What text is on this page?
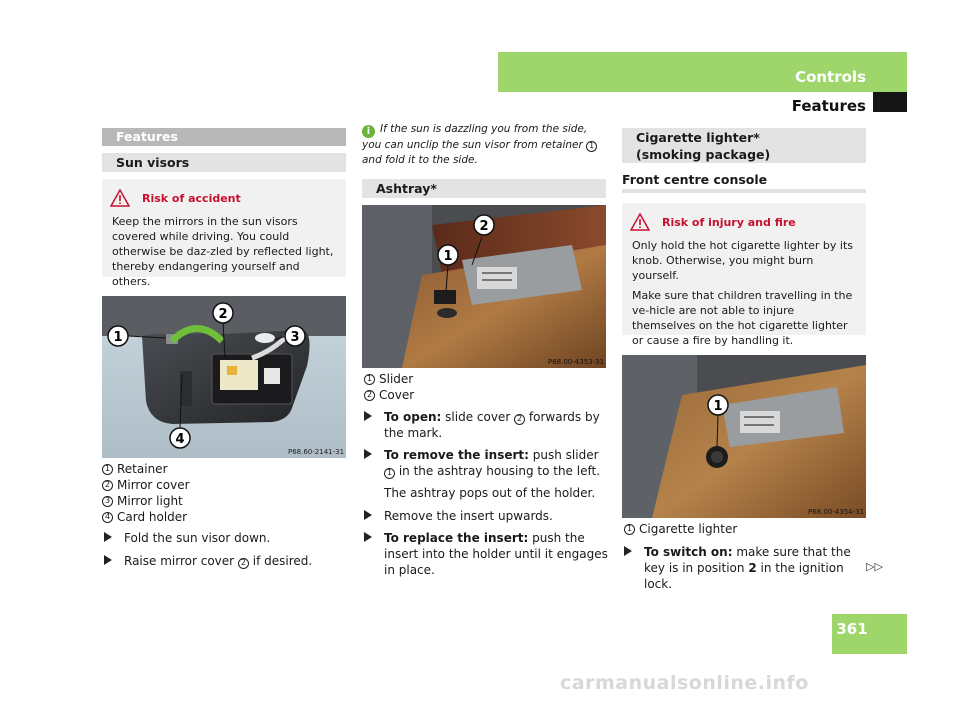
Controls
Features
Features
Sun visors
Risk of accident

Keep the mirrors in the sun visors covered while driving. You could otherwise be daz-zled by reflected light, thereby endangering yourself and others.

1
2
3
4
P68.60-2141-31
1 Retainer
2 Mirror cover
3 Mirror light
4 Card holder
Fold the sun visor down.
Raise mirror cover 2 if desired.
i If the sun is dazzling you from the side, you can unclip the sun visor from retainer 1 and fold it to the side.
Ashtray*
1
2
P68.00-4353-31
1 Slider
2 Cover
To open: slide cover 2 forwards by the mark.
To remove the insert: push slider 1 in the ashtray housing to the left.
The ashtray pops out of the holder.
Remove the insert upwards.
To replace the insert: push the insert into the holder until it engages in place.
Cigarette lighter*
(smoking package)
Front centre console
Risk of injury and fire

Only hold the hot cigarette lighter by its knob. Otherwise, you might burn yourself.

Make sure that children travelling in the ve-hicle are not able to injure themselves on the hot cigarette lighter or cause a fire by handling it.

1
P68.00-4354-31
1 Cigarette lighter
To switch on: make sure that the key is in position 2 in the ignition lock.
▷▷
361
carmanualsonline.info
